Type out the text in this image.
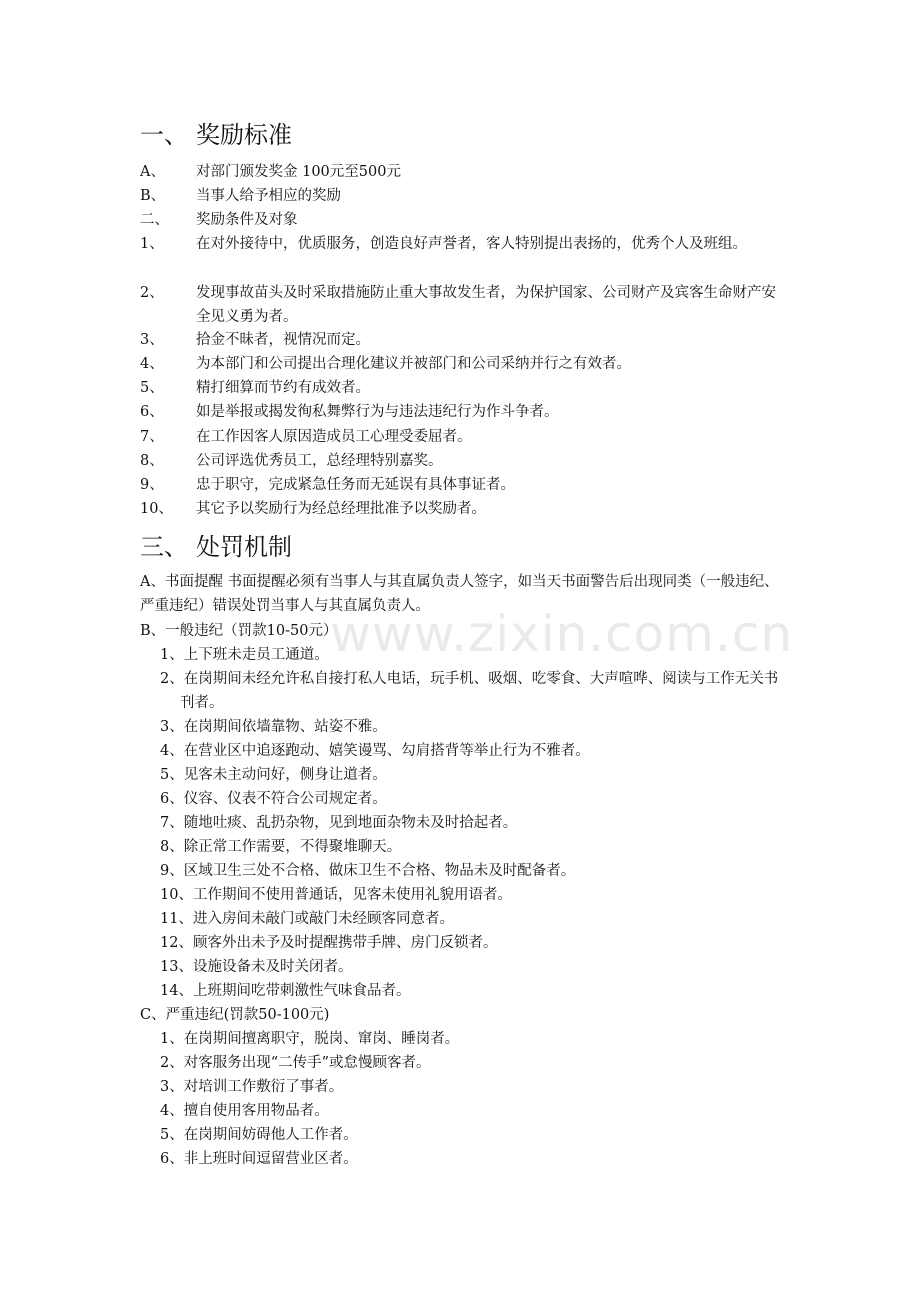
www.zixin.com.cn
一、 奖励标准
A、 对部门颁发奖金 100元至500元
B、 当事人给予相应的奖励
二、 奖励条件及对象
1、 在对外接待中，优质服务，创造良好声誉者，客人特别提出表扬的，优秀个人及班组。
2、 发现事故苗头及时采取措施防止重大事故发生者，为保护国家、公司财产及宾客生命财产安全见义勇为者。
3、 拾金不昧者，视情况而定。
4、 为本部门和公司提出合理化建议并被部门和公司采纳并行之有效者。
5、 精打细算而节约有成效者。
6、 如是举报或揭发徇私舞弊行为与违法违纪行为作斗争者。
7、 在工作因客人原因造成员工心理受委屈者。
8、 公司评选优秀员工，总经理特别嘉奖。
9、 忠于职守，完成紧急任务而无延误有具体事证者。
10、 其它予以奖励行为经总经理批准予以奖励者。
三、 处罚机制
A、书面提醒 书面提醒必须有当事人与其直属负责人签字，如当天书面警告后出现同类（一般违纪、严重违纪）错误处罚当事人与其直属负责人。
B、一般违纪（罚款10-50元）
1、上下班未走员工通道。
2、在岗期间未经允许私自接打私人电话，玩手机、吸烟、吃零食、大声喧哗、阅读与工作无关书刊者。
3、在岗期间依墙靠物、站姿不雅。
4、在营业区中追逐跑动、嬉笑谩骂、勾肩搭背等举止行为不雅者。
5、见客未主动问好，侧身让道者。
6、仪容、仪表不符合公司规定者。
7、随地吐痰、乱扔杂物，见到地面杂物未及时拾起者。
8、除正常工作需要，不得聚堆聊天。
9、区域卫生三处不合格、做床卫生不合格、物品未及时配备者。
10、工作期间不使用普通话，见客未使用礼貌用语者。
11、进入房间未敲门或敲门未经顾客同意者。
12、顾客外出未予及时提醒携带手牌、房门反锁者。
13、设施设备未及时关闭者。
14、上班期间吃带刺激性气味食品者。
C、严重违纪(罚款50-100元)
1、在岗期间擅离职守，脱岗、窜岗、睡岗者。
2、对客服务出现“二传手”或怠慢顾客者。
3、对培训工作敷衍了事者。
4、擅自使用客用物品者。
5、在岗期间妨碍他人工作者。
6、非上班时间逗留营业区者。
